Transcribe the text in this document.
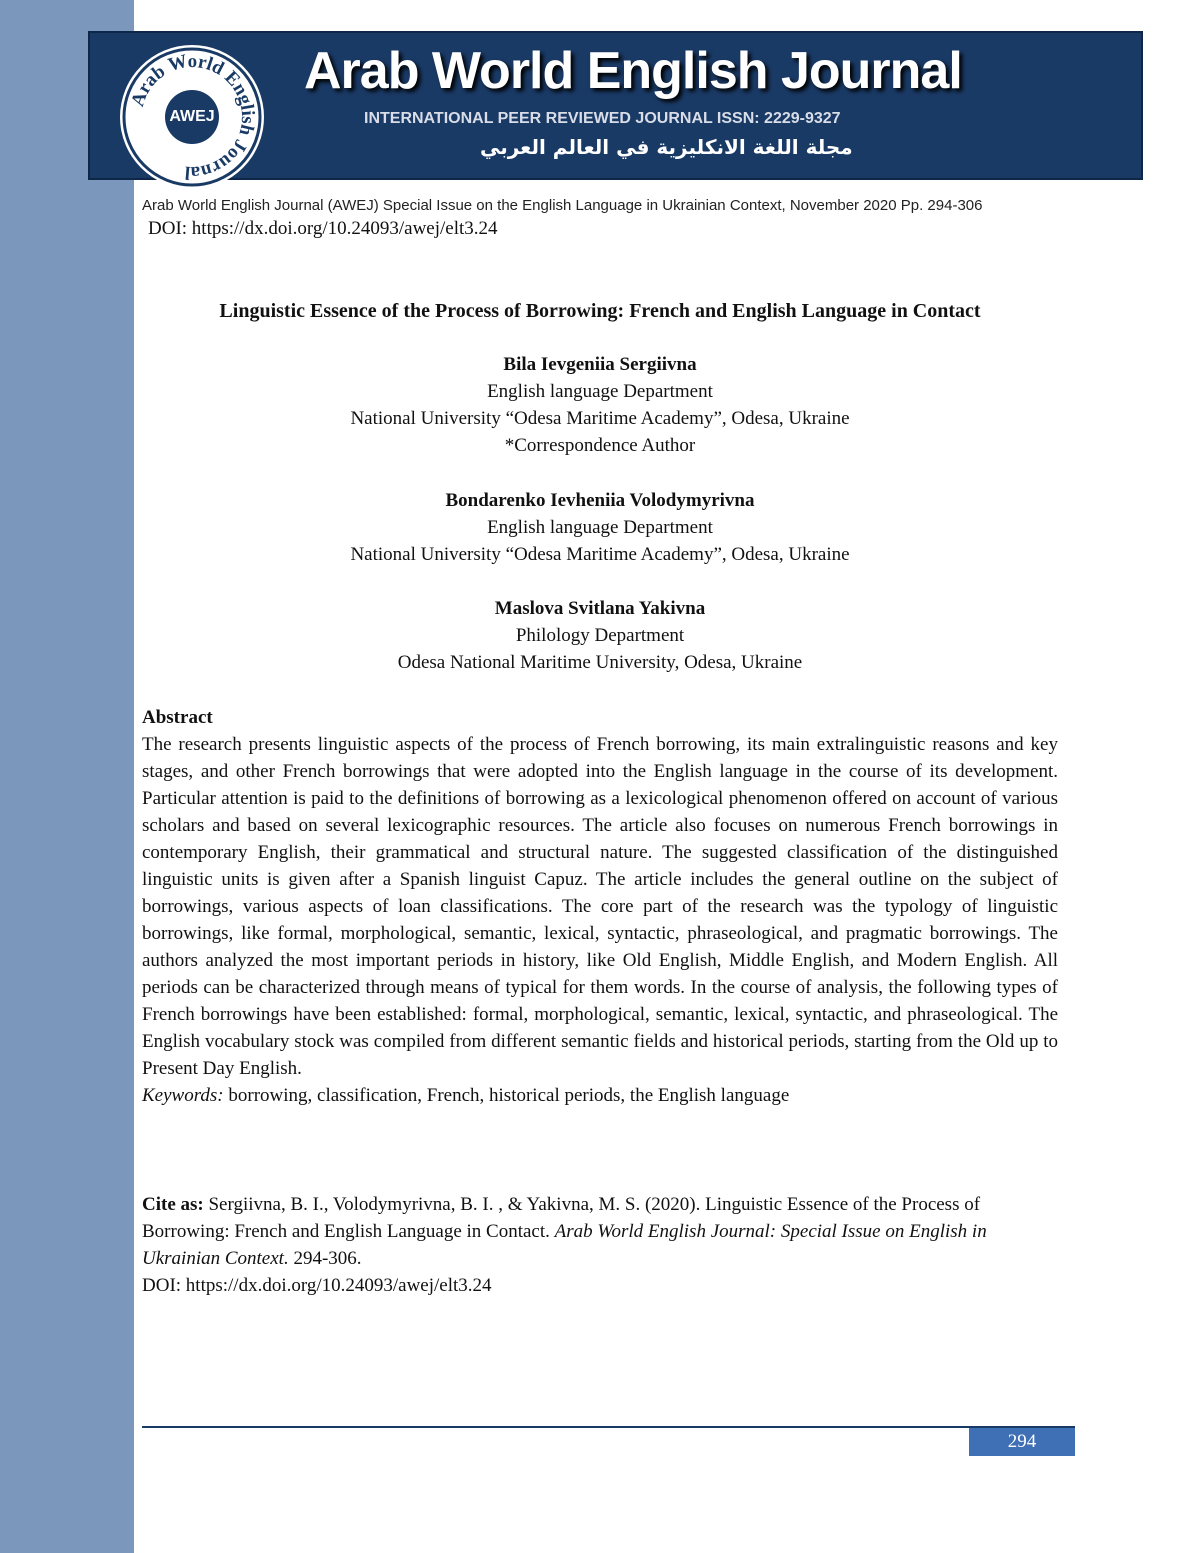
Arab World English Journal
AWEJ
Arab World English Journal
INTERNATIONAL PEER REVIEWED JOURNAL ISSN: 2229-9327
مجلة اللغة الانكليزية في العالم العربي
Arab World English Journal (AWEJ) Special Issue on the English Language in Ukrainian Context, November 2020 Pp. 294-306
DOI: https://dx.doi.org/10.24093/awej/elt3.24
Linguistic Essence of the Process of Borrowing: French and English Language in Contact
Bila Ievgeniia Sergiivna
English language Department
National University “Odesa Maritime Academy”, Odesa, Ukraine
*Correspondence Author
Bondarenko Ievheniia Volodymyrivna
English language Department
National University “Odesa Maritime Academy”, Odesa, Ukraine
Maslova Svitlana Yakivna
Philology Department
Odesa National Maritime University, Odesa, Ukraine
Abstract
The research presents linguistic aspects of the process of French borrowing, its main extralinguistic reasons and key stages, and other French borrowings that were adopted into the English language in the course of its development. Particular attention is paid to the definitions of borrowing as a lexicological phenomenon offered on account of various scholars and based on several lexicographic resources. The article also focuses on numerous French borrowings in contemporary English, their grammatical and structural nature. The suggested classification of the distinguished linguistic units is given after a Spanish linguist Capuz. The article includes the general outline on the subject of borrowings, various aspects of loan classifications. The core part of the research was the typology of linguistic borrowings, like formal, morphological, semantic, lexical, syntactic, phraseological, and pragmatic borrowings. The authors analyzed the most important periods in history, like Old English, Middle English, and Modern English. All periods can be characterized through means of typical for them words. In the course of analysis, the following types of French borrowings have been established: formal, morphological, semantic, lexical, syntactic, and phraseological. The English vocabulary stock was compiled from different semantic fields and historical periods, starting from the Old up to Present Day English.
Keywords: borrowing, classification, French, historical periods, the English language
Cite as: Sergiivna, B. I., Volodymyrivna, B. I. , & Yakivna, M. S. (2020). Linguistic Essence of the Process of Borrowing: French and English Language in Contact. Arab World English Journal: Special Issue on English in Ukrainian Context. 294-306.
DOI: https://dx.doi.org/10.24093/awej/elt3.24
294
